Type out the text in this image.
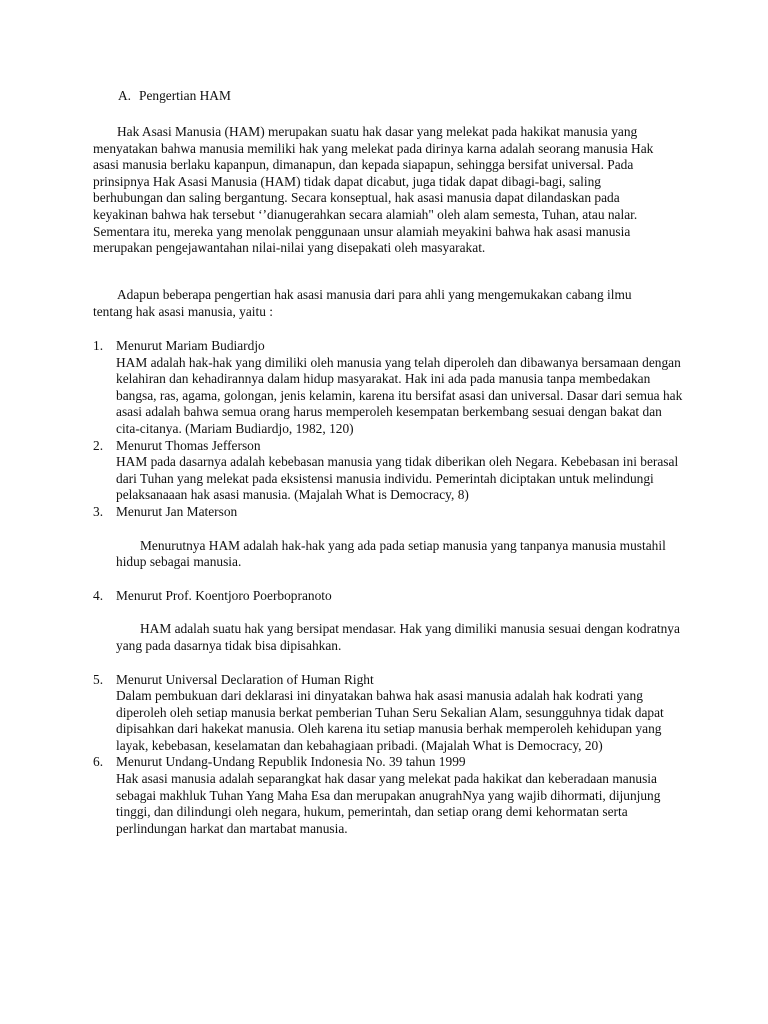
A. Pengertian HAM

Hak Asasi Manusia (HAM) merupakan suatu hak dasar yang melekat pada hakikat manusia yang menyatakan bahwa manusia memiliki hak yang melekat pada dirinya karna adalah seorang manusia Hak asasi manusia berlaku kapanpun, dimanapun, dan kepada siapapun, sehingga bersifat universal. Pada prinsipnya Hak Asasi Manusia (HAM) tidak dapat dicabut, juga tidak dapat dibagi-bagi, saling berhubungan dan saling bergantung. Secara konseptual, hak asasi manusia dapat dilandaskan pada keyakinan bahwa hak tersebut ‘’dianugerahkan secara alamiah" oleh alam semesta, Tuhan, atau nalar. Sementara itu, mereka yang menolak penggunaan unsur alamiah meyakini bahwa hak asasi manusia merupakan pengejawantahan nilai-nilai yang disepakati oleh masyarakat.

Adapun beberapa pengertian hak asasi manusia dari para ahli yang mengemukakan cabang ilmu tentang hak asasi manusia, yaitu :

1. Menurut Mariam Budiardjo

HAM adalah hak-hak yang dimiliki oleh manusia yang telah diperoleh dan dibawanya bersamaan dengan kelahiran dan kehadirannya dalam hidup masyarakat. Hak ini ada pada manusia tanpa membedakan bangsa, ras, agama, golongan, jenis kelamin, karena itu bersifat asasi dan universal. Dasar dari semua hak asasi adalah bahwa semua orang harus memperoleh kesempatan berkembang sesuai dengan bakat dan cita-citanya. (Mariam Budiardjo, 1982, 120)

2. Menurut Thomas Jefferson

HAM pada dasarnya adalah kebebasan manusia yang tidak diberikan oleh Negara. Kebebasan ini berasal dari Tuhan yang melekat pada eksistensi manusia individu. Pemerintah diciptakan untuk melindungi pelaksanaaan hak asasi manusia. (Majalah What is Democracy, 8)

3. Menurut Jan Materson

Menurutnya HAM adalah hak-hak yang ada pada setiap manusia yang tanpanya manusia mustahil hidup sebagai manusia.

4. Menurut Prof. Koentjoro Poerbopranoto

HAM adalah suatu hak yang bersipat mendasar. Hak yang dimiliki manusia sesuai dengan kodratnya yang pada dasarnya tidak bisa dipisahkan.

5. Menurut Universal Declaration of Human Right

Dalam pembukuan dari deklarasi ini dinyatakan bahwa hak asasi manusia adalah hak kodrati yang diperoleh oleh setiap manusia berkat pemberian Tuhan Seru Sekalian Alam, sesungguhnya tidak dapat dipisahkan dari hakekat manusia. Oleh karena itu setiap manusia berhak memperoleh kehidupan yang layak, kebebasan, keselamatan dan kebahagiaan pribadi. (Majalah What is Democracy, 20)

6. Menurut Undang-Undang Republik Indonesia No. 39 tahun 1999

Hak asasi manusia adalah separangkat hak dasar yang melekat pada hakikat dan keberadaan manusia sebagai makhluk Tuhan Yang Maha Esa dan merupakan anugrahNya yang wajib dihormati, dijunjung tinggi, dan dilindungi oleh negara, hukum, pemerintah, dan setiap orang demi kehormatan serta perlindungan harkat dan martabat manusia.
